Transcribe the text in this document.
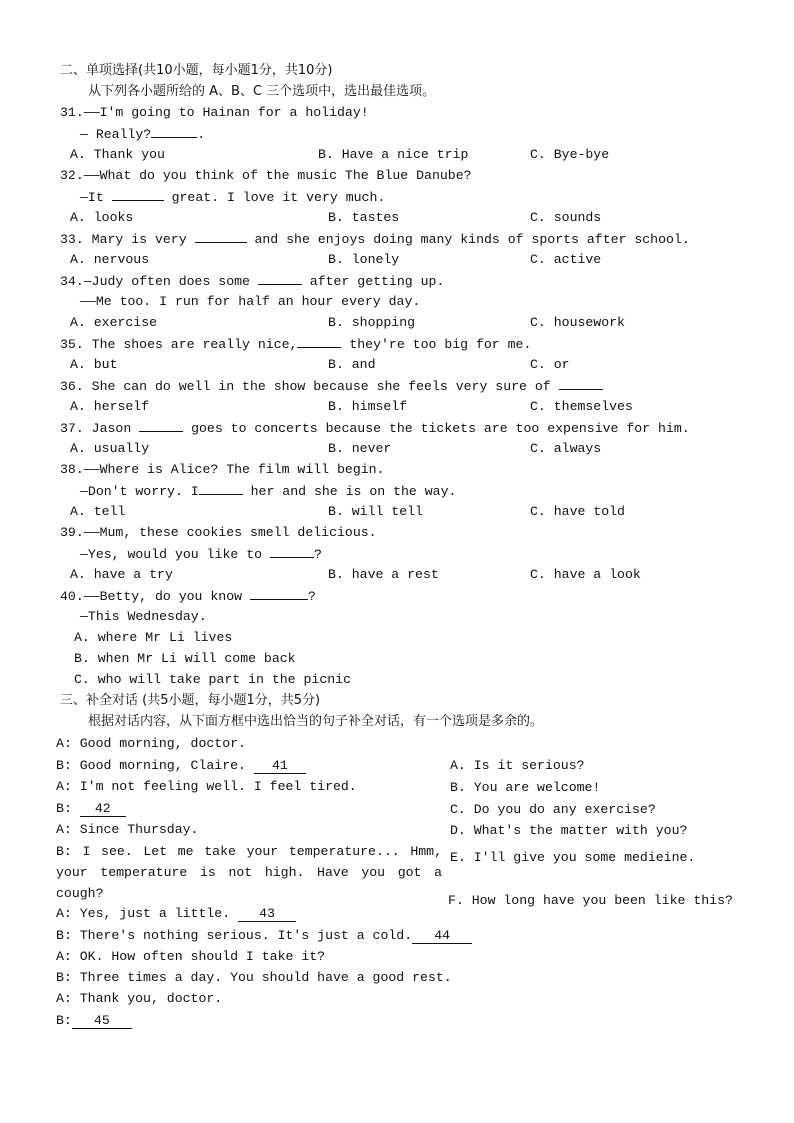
二、单项选择(共10小题，每小题1分，共10分)
从下列各小题所给的 A、B、C 三个选项中，选出最佳选项。
31.——I'm going to Hainan for a holiday!
— Really?	.
A. Thank you	B. Have a nice trip	C. Bye-bye
32.——What do you think of the music The Blue Danube?
—It	great. I love it very much.
A. looks	B. tastes	C. sounds
33. Mary is very	and she enjoys doing many kinds of sports after school.
A. nervous	B. lonely	C. active
34.—Judy often does some	after getting up.
——Me too. I run for half an hour every day.
A. exercise	B. shopping	C. housework
35. The shoes are really nice,	they're too big for me.
A. but	B. and	C. or
36. She can do well in the show because she feels very sure of
A. herself	B. himself	C. themselves
37. Jason	goes to concerts because the tickets are too expensive for him.
A. usually	B. never	C. always
38.——Where is Alice? The film will begin.
—Don't worry. I	her and she is on the way.
A. tell	B. will tell	C. have told
39.——Mum, these cookies smell delicious.
—Yes, would you like to	?
A. have a try	B. have a rest	C. have a look
40.——Betty, do you know	?
—This Wednesday.
A. where Mr Li lives
B. when Mr Li will come back
C. who will take part in the picnic
三、补全对话 (共5小题，每小题1分，共5分)
根据对话内容，从下面方框中选出恰当的句子补全对话，有一个选项是多余的。
A: Good morning, doctor.
B: Good morning, Claire. 41
A: I'm not feeling well. I feel tired.
B: 42
A: Since Thursday.
B: I see. Let me take your temperature... Hmm, your temperature is not high. Have you got a cough?
A: Yes, just a little. 43
B: There's nothing serious. It's just a cold. 44
A: OK. How often should I take it?
B: Three times a day. You should have a good rest.
A: Thank you, doctor.
B: 45
A. Is it serious?
B. You are welcome!
C. Do you do any exercise?
D. What's the matter with you?
E. I'll give you some medieine.
F. How long have you been like this?
